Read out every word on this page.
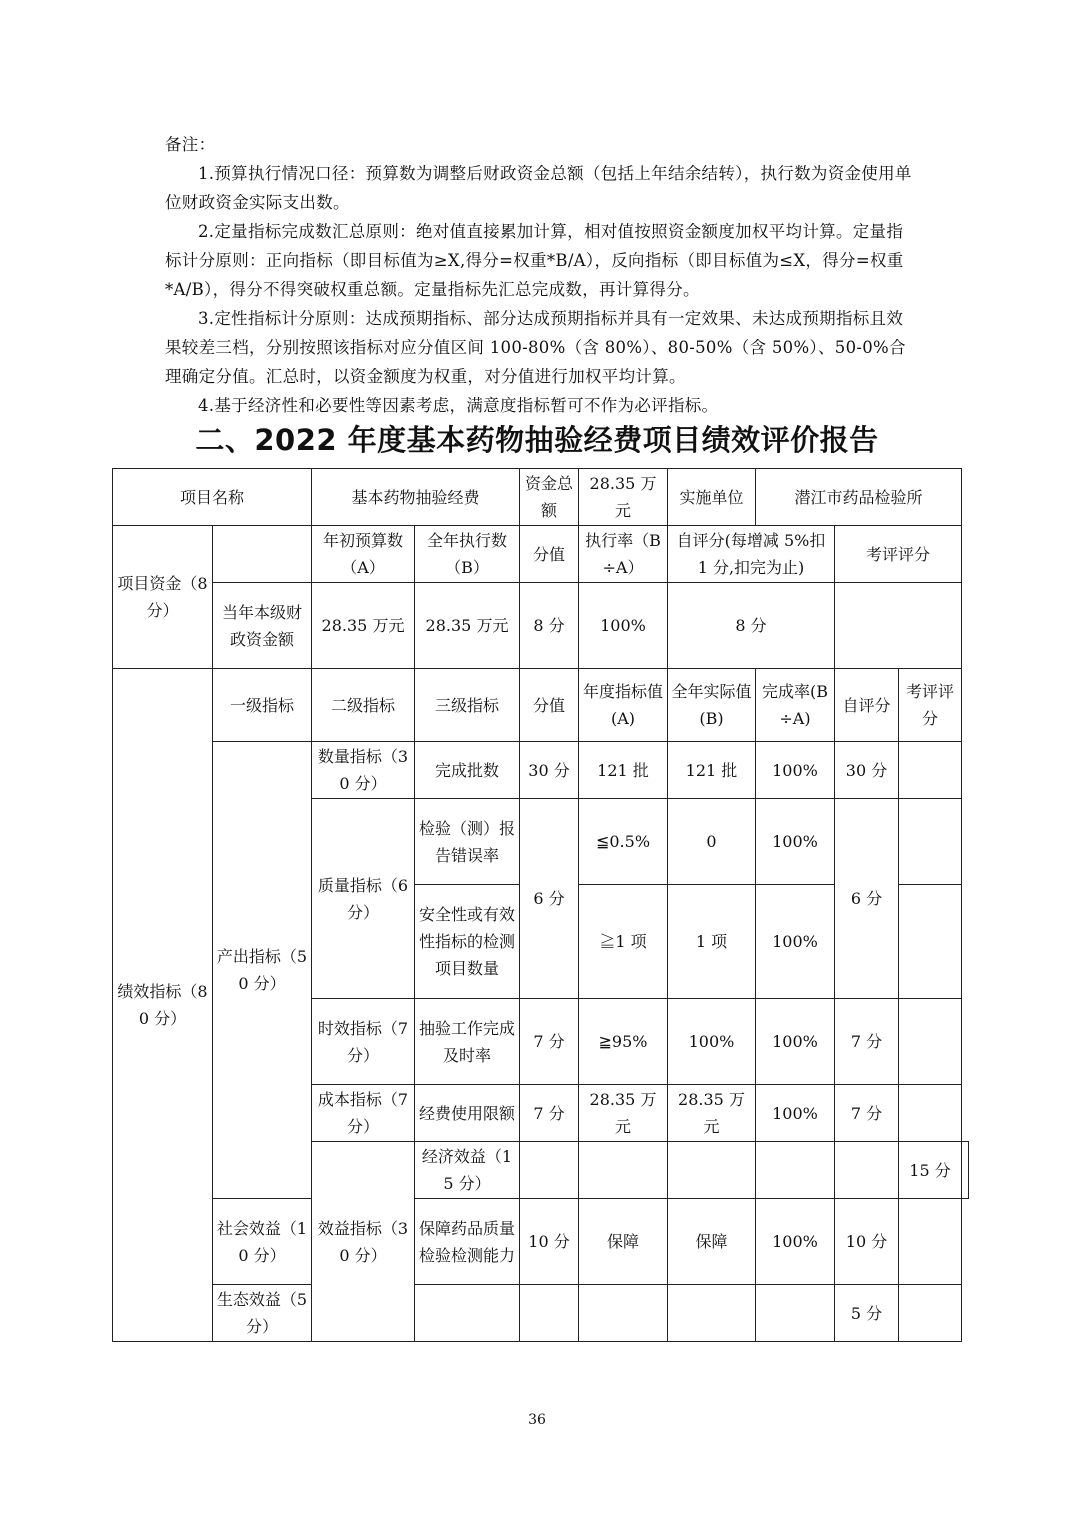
备注：

1.预算执行情况口径：预算数为调整后财政资金总额（包括上年结余结转），执行数为资金使用单位财政资金实际支出数。

2.定量指标完成数汇总原则：绝对值直接累加计算，相对值按照资金额度加权平均计算。定量指标计分原则：正向指标（即目标值为≥X,得分=权重*B/A），反向指标（即目标值为≤X，得分=权重*A/B），得分不得突破权重总额。定量指标先汇总完成数，再计算得分。

3.定性指标计分原则：达成预期指标、部分达成预期指标并具有一定效果、未达成预期指标且效果较差三档，分别按照该指标对应分值区间 100-80%（含 80%）、80-50%（含 50%）、50-0%合理确定分值。汇总时，以资金额度为权重，对分值进行加权平均计算。

4.基于经济性和必要性等因素考虑，满意度指标暂可不作为必评指标。

二、2022 年度基本药物抽验经费项目绩效评价报告
项目名称		基本药物抽验经费		资金总额	28.35 万元	实施单位	潜江市药品检验所			
项目资金（8 分）		年初预算数（A）	全年执行数（B）	分值	执行率（B÷A）	自评分(每增减 5%扣 1 分,扣完为止)		考评评分		
	当年本级财政资金额	28.35 万元	28.35 万元	8 分	100%	8 分				
绩效指标（80 分）	一级指标	二级指标	三级指标	分值	年度指标值(A)	全年实际值(B)	完成率(B÷A)	自评分	考评评分	
	产出指标（50 分）	数量指标（30 分）	完成批数	30 分	121 批	121 批	100%	30 分		
		质量指标（6 分）	检验（测）报告错误率	6 分	≦0.5%	0	100%	6 分		
			安全性或有效性指标的检测项目数量		≧1 项	1 项	100%			
		时效指标（7 分）	抽验工作完成及时率	7 分	≧95%	100%	100%	7 分		
		成本指标（7 分）	经费使用限额	7 分	28.35 万元	28.35 万元	100%	7 分		
		效益指标（30 分）	经济效益（15 分）						15 分	
	社会效益（10 分）		保障药品质量检验检测能力	10 分	保障	保障	100%	10 分		
	生态效益（5 分）							5 分		
36
